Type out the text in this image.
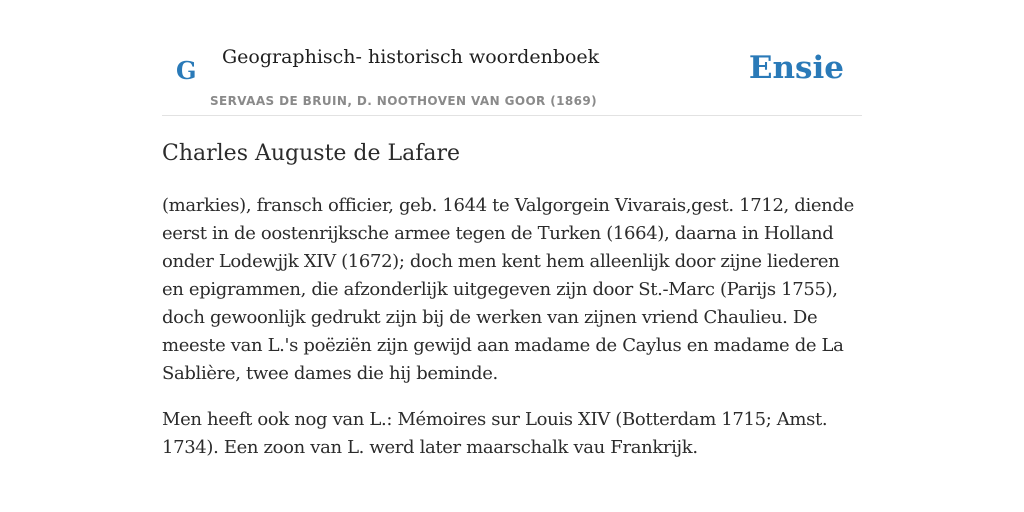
G Geographisch- historisch woordenboek
SERVAAS DE BRUIN, D. NOOTHOVEN VAN GOOR (1869)
Ensie
Charles Auguste de Lafare

(markies), fransch officier, geb. 1644 te Valgorgein Vivarais,gest. 1712, diende eerst in de oostenrijksche armee tegen de Turken (1664), daarna in Holland onder Lodewjjk XIV (1672); doch men kent hem alleenlijk door zijne liederen en epigrammen, die afzonderlijk uitgegeven zijn door St.-Marc (Parijs 1755), doch gewoonlijk gedrukt zijn bij de werken van zijnen vriend Chaulieu. De meeste van L.'s poëziën zijn gewijd aan madame de Caylus en madame de La Sablière, twee dames die hij beminde.

Men heeft ook nog van L.: Mémoires sur Louis XIV (Botterdam 1715; Amst. 1734). Een zoon van L. werd later maarschalk vau Frankrijk.
